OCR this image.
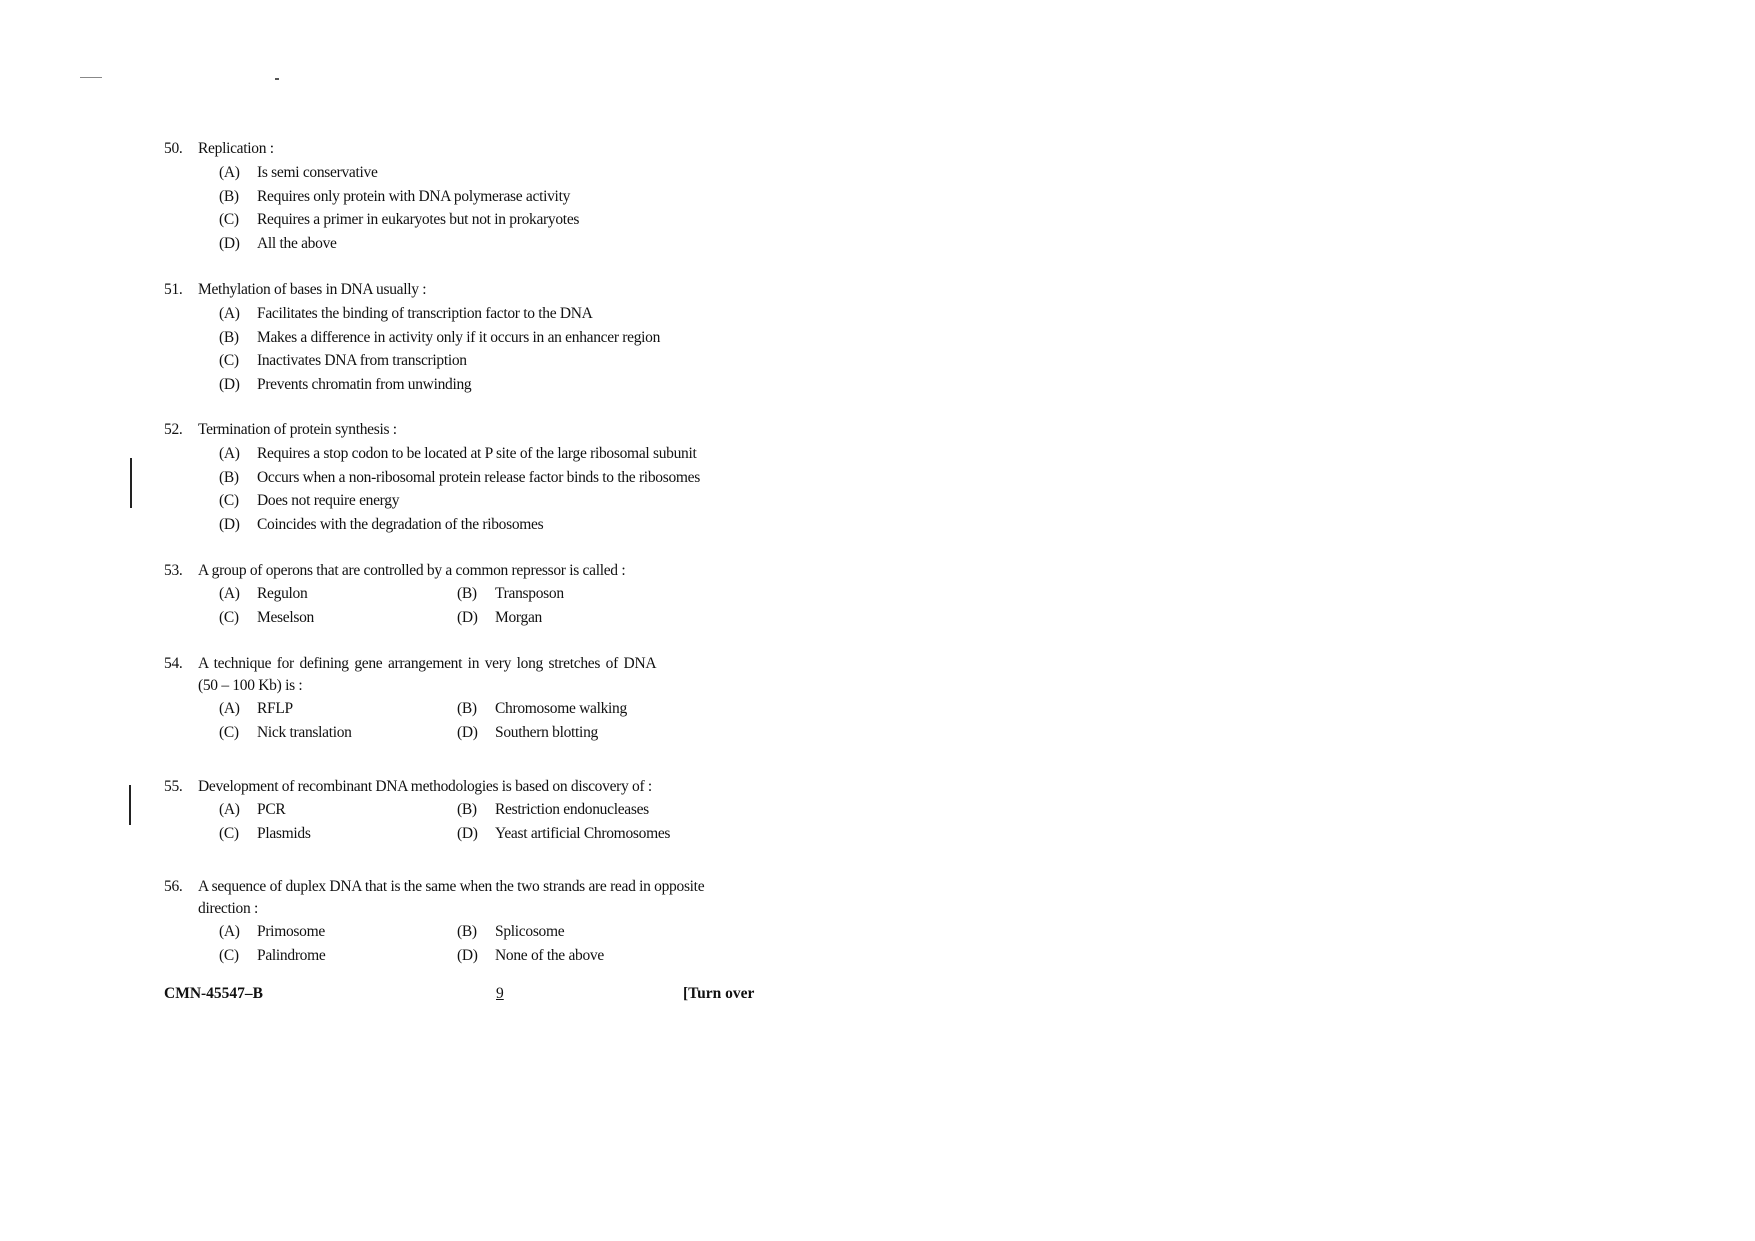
50.	Replication :
(A) Is semi conservative
(B) Requires only protein with DNA polymerase activity
(C) Requires a primer in eukaryotes but not in prokaryotes
(D) All the above
51.	Methylation of bases in DNA usually :
(A) Facilitates the binding of transcription factor to the DNA
(B) Makes a difference in activity only if it occurs in an enhancer region
(C) Inactivates DNA from transcription
(D) Prevents chromatin from unwinding
52.	Termination of protein synthesis :
(A) Requires a stop codon to be located at P site of the large ribosomal subunit
(B) Occurs when a non-ribosomal protein release factor binds to the ribosomes
(C) Does not require energy
(D) Coincides with the degradation of the ribosomes
53.	A group of operons that are controlled by a common repressor is called :
(A) Regulon	(B) Transposon
(C) Meselson	(D) Morgan
54.	A technique for defining gene arrangement in very long stretches of DNA
(50 – 100 Kb) is :
(A) RFLP	(B) Chromosome walking
(C) Nick translation	(D) Southern blotting
55.	Development of recombinant DNA methodologies is based on discovery of :
(A) PCR	(B) Restriction endonucleases
(C) Plasmids	(D) Yeast artificial Chromosomes
56.	A sequence of duplex DNA that is the same when the two strands are read in opposite
direction :
(A) Primosome	(B) Splicosome
(C) Palindrome	(D) None of the above
CMN-45547–B	9	[Turn over
